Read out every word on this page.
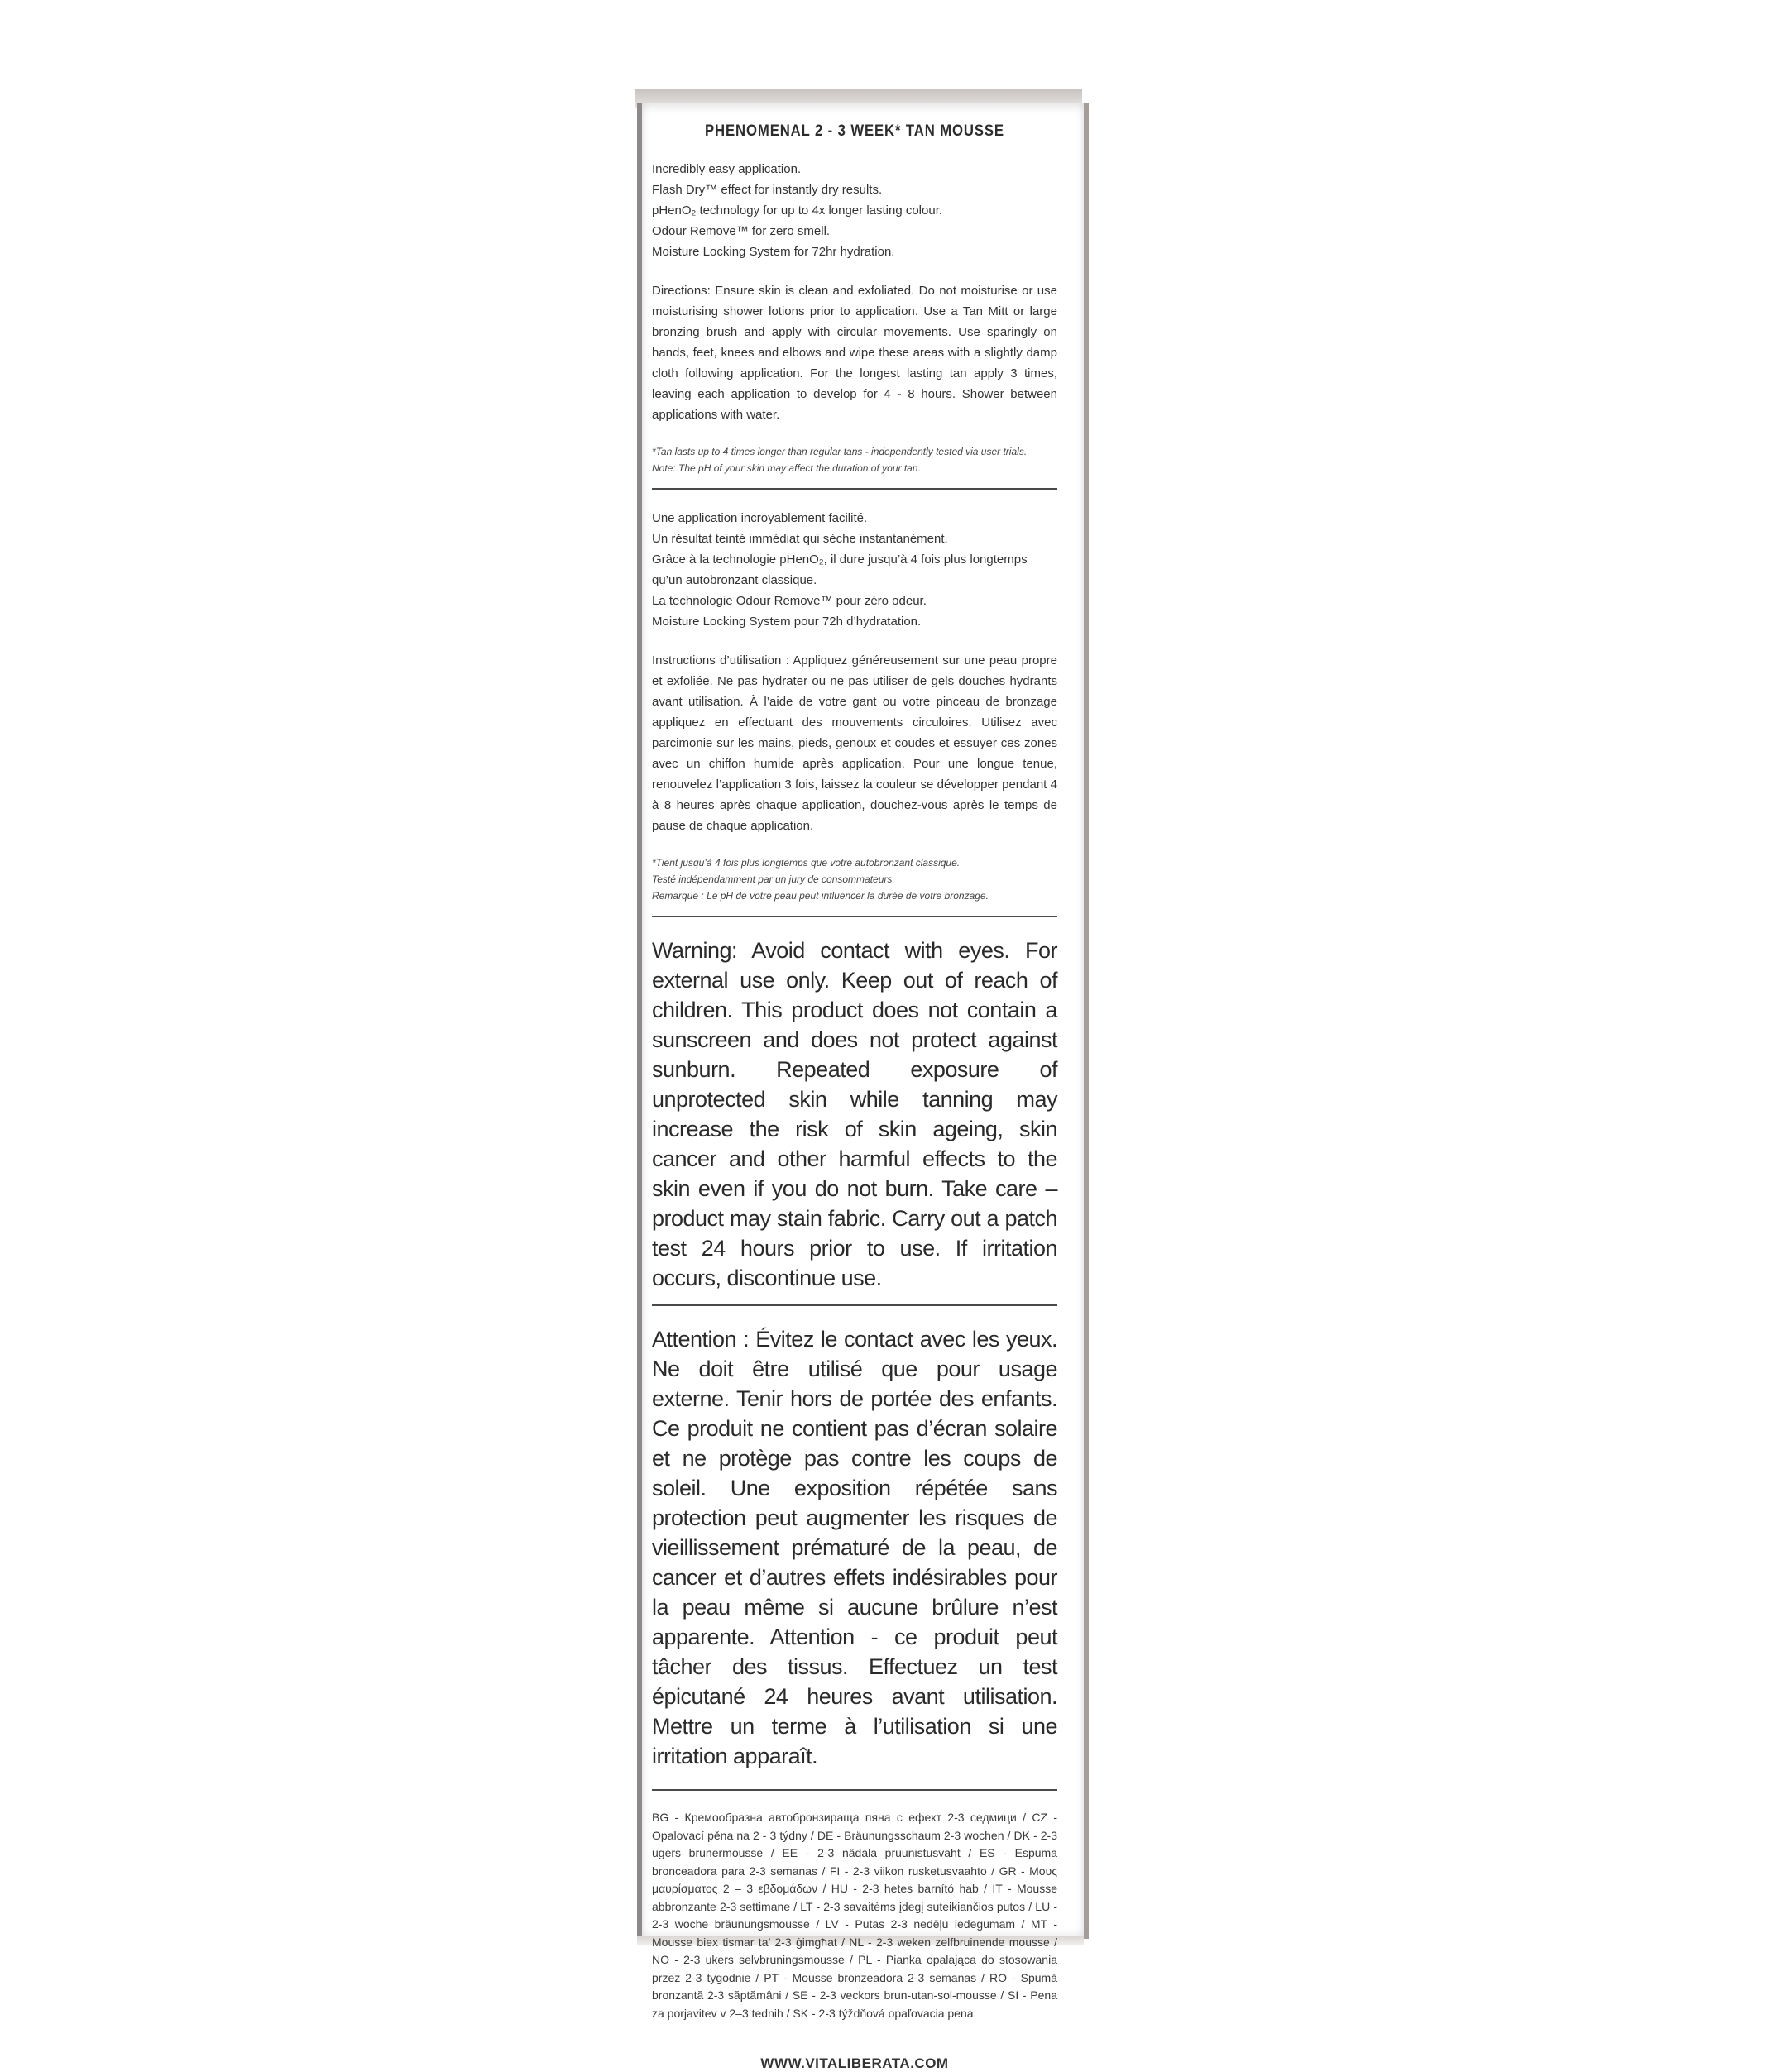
PHENOMENAL 2 - 3 WEEK* TAN MOUSSE
Incredibly easy application.
Flash Dry™ effect for instantly dry results.
pHenO₂ technology for up to 4x longer lasting colour.
Odour Remove™ for zero smell.
Moisture Locking System for 72hr hydration.
Directions: Ensure skin is clean and exfoliated. Do not moisturise or use moisturising shower lotions prior to application. Use a Tan Mitt or large bronzing brush and apply with circular movements. Use sparingly on hands, feet, knees and elbows and wipe these areas with a slightly damp cloth following application. For the longest lasting tan apply 3 times, leaving each application to develop for 4 - 8 hours. Shower between applications with water.
*Tan lasts up to 4 times longer than regular tans - independently tested via user trials.
Note: The pH of your skin may affect the duration of your tan.
Une application incroyablement facilité.
Un résultat teinté immédiat qui sèche instantanément.
Grâce à la technologie pHenO₂, il dure jusqu’à 4 fois plus longtemps qu’un autobronzant classique.
La technologie Odour Remove™ pour zéro odeur.
Moisture Locking System pour 72h d’hydratation.
Instructions d’utilisation : Appliquez généreusement sur une peau propre et exfoliée. Ne pas hydrater ou ne pas utiliser de gels douches hydrants avant utilisation. À l’aide de votre gant ou votre pinceau de bronzage appliquez en effectuant des mouvements circuloires. Utilisez avec parcimonie sur les mains, pieds, genoux et coudes et essuyer ces zones avec un chiffon humide après application. Pour une longue tenue, renouvelez l’application 3 fois, laissez la couleur se développer pendant 4 à 8 heures après chaque application, douchez-vous après le temps de pause de chaque application.
*Tient jusqu’à 4 fois plus longtemps que votre autobronzant classique.
Testé indépendamment par un jury de consommateurs.
Remarque : Le pH de votre peau peut influencer la durée de votre bronzage.
Warning: Avoid contact with eyes. For external use only. Keep out of reach of children. This product does not contain a sunscreen and does not protect against sunburn. Repeated exposure of unprotected skin while tanning may increase the risk of skin ageing, skin cancer and other harmful effects to the skin even if you do not burn. Take care – product may stain fabric. Carry out a patch test 24 hours prior to use. If irritation occurs, discontinue use.
Attention : Évitez le contact avec les yeux. Ne doit être utilisé que pour usage externe. Tenir hors de portée des enfants. Ce produit ne contient pas d’écran solaire et ne protège pas contre les coups de soleil. Une exposition répétée sans protection peut augmenter les risques de vieillissement prématuré de la peau, de cancer et d’autres effets indésirables pour la peau même si aucune brûlure n’est apparente. Attention - ce produit peut tâcher des tissus. Effectuez un test épicutané 24 heures avant utilisation. Mettre un terme à l’utilisation si une irritation apparaît.
BG - Кремообразна автобронзираща пяна с ефект 2-3 седмици / CZ - Opalovací pěna na 2 - 3 týdny / DE - Bräunungsschaum 2-3 wochen / DK - 2-3 ugers brunermousse / EE - 2-3 nädala pruunistusvaht / ES - Espuma bronceadora para 2-3 semanas / FI - 2-3 viikon rusketusvaahto / GR - Μους μαυρίσματος 2 – 3 εβδομάδων / HU - 2-3 hetes barnító hab / IT - Mousse abbronzante 2-3 settimane / LT - 2-3 savaitėms įdegį suteikiančios putos / LU - 2-3 woche bräunungsmousse / LV - Putas 2-3 nedēļu iedegumam / MT - Mousse biex tismar ta’ 2-3 ġimgħat / NL - 2-3 weken zelfbruinende mousse / NO - 2-3 ukers selvbruningsmousse / PL - Pianka opalająca do stosowania przez 2-3 tygodnie / PT - Mousse bronzeadora 2-3 semanas / RO - Spumă bronzantă 2-3 săptămâni / SE - 2-3 veckors brun-utan-sol-mousse / SI - Pena za porjavitev v 2–3 tednih / SK - 2-3 týždňová opaľovacia pena
WWW.VITALIBERATA.COM
